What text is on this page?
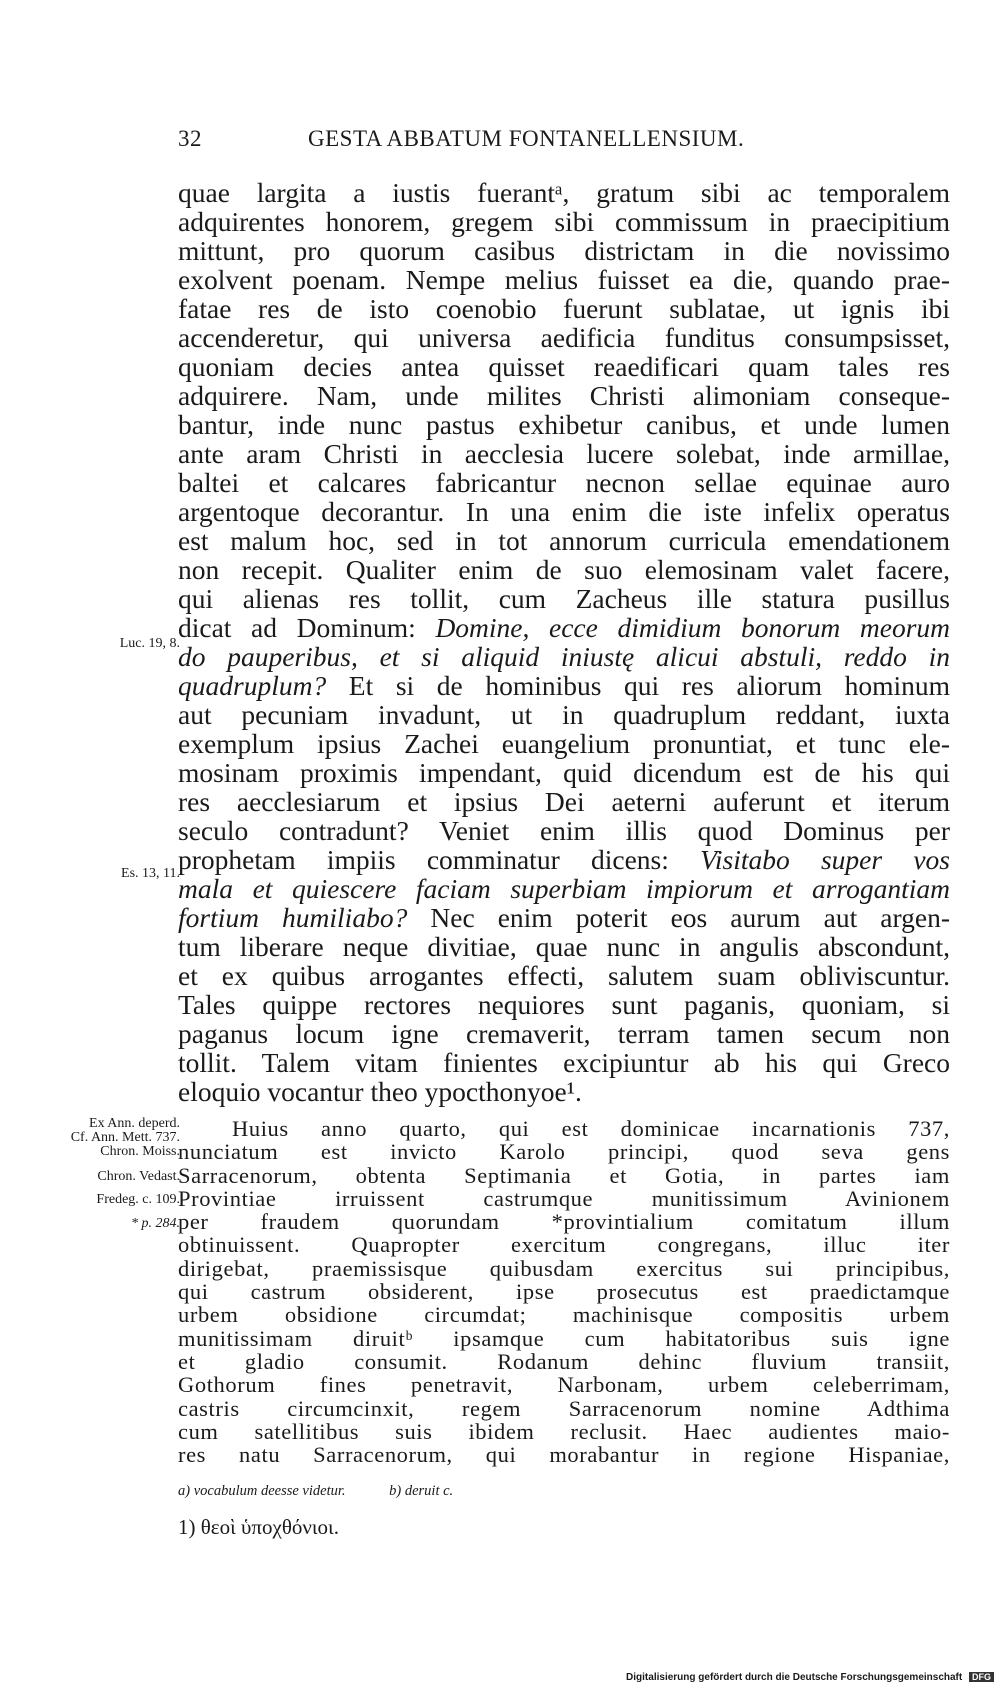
32	GESTA ABBATUM FONTANELLENSIUM.
quae largita a iustis fuerantᵃ, gratum sibi ac temporalem
adquirentes honorem, gregem sibi commissum in praecipitium
mittunt, pro quorum casibus districtam in die novissimo
exolvent poenam. Nempe melius fuisset ea die, quando prae-
fatae res de isto coenobio fuerunt sublatae, ut ignis ibi
accenderetur, qui universa aedificia funditus consumpsisset,
quoniam decies antea quisset reaedificari quam tales res
adquirere. Nam, unde milites Christi alimoniam conseque-
bantur, inde nunc pastus exhibetur canibus, et unde lumen
ante aram Christi in aecclesia lucere solebat, inde armillae,
baltei et calcares fabricantur necnon sellae equinae auro
argentoque decorantur. In una enim die iste infelix operatus
est malum hoc, sed in tot annorum curricula emendationem
non recepit. Qualiter enim de suo elemosinam valet facere,
qui alienas res tollit, cum Zacheus ille statura pusillus
dicat ad Dominum: Domine, ecce dimidium bonorum meorum
do pauperibus, et si aliquid iniustę alicui abstuli, reddo in
quadruplum? Et si de hominibus qui res aliorum hominum
aut pecuniam invadunt, ut in quadruplum reddant, iuxta
exemplum ipsius Zachei euangelium pronuntiat, et tunc ele-
mosinam proximis impendant, quid dicendum est de his qui
res aecclesiarum et ipsius Dei aeterni auferunt et iterum
seculo contradunt? Veniet enim illis quod Dominus per
prophetam impiis comminatur dicens: Visitabo super vos
mala et quiescere faciam superbiam impiorum et arrogantiam
fortium humiliabo? Nec enim poterit eos aurum aut argen-
tum liberare neque divitiae, quae nunc in angulis abscondunt,
et ex quibus arrogantes effecti, salutem suam obliviscuntur.
Tales quippe rectores nequiores sunt paganis, quoniam, si
paganus locum igne cremaverit, terram tamen secum non
tollit. Talem vitam finientes excipiuntur ab his qui Greco
eloquio vocantur theo ypocthonyoe¹.
Huius anno quarto, qui est dominicae incarnationis 737,
nunciatum est invicto Karolo principi, quod seva gens
Sarracenorum, obtenta Septimania et Gotia, in partes iam
Provintiae irruissent castrumque munitissimum Avinionem
per fraudem quorundam *provintialium comitatum illum
obtinuissent. Quapropter exercitum congregans, illuc iter
dirigebat, praemissisque quibusdam exercitus sui principibus,
qui castrum obsiderent, ipse prosecutus est praedictamque
urbem obsidione circumdat; machinisque compositis urbem
munitissimam diruitᵇ ipsamque cum habitatoribus suis igne
et gladio consumit. Rodanum dehinc fluvium transiit,
Gothorum fines penetravit, Narbonam, urbem celeberrimam,
castris circumcinxit, regem Sarracenorum nomine Adthima
cum satellitibus suis ibidem reclusit. Haec audientes maio-
res natu Sarracenorum, qui morabantur in regione Hispaniae,
Luc. 19, 8.
Es. 13, 11.
Ex Ann. deperd.
Cf. Ann. Mett. 737.
Chron. Moiss.
Chron. Vedast.
Fredeg. c. 109.
* p. 284.
a) vocabulum deesse videtur.	b) deruit c.
1) θεοὶ ὑποχθόνιοι.
Digitalisierung gefördert durch die Deutsche Forschungsgemeinschaft DFG
